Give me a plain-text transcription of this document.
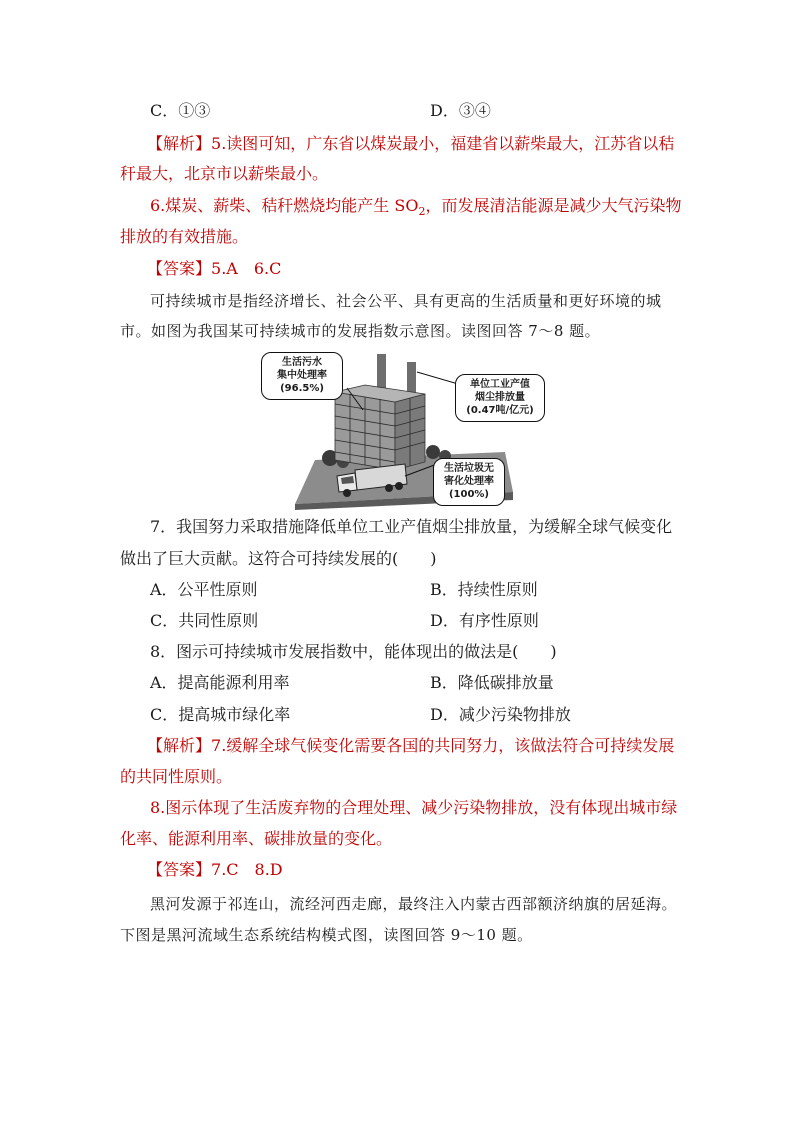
C．①③	D．③④
【解析】5.读图可知，广东省以煤炭最小，福建省以薪柴最大，江苏省以秸
秆最大，北京市以薪柴最小。
6.煤炭、薪柴、秸秆燃烧均能产生 $SO_2$，而发展清洁能源是减少大气污染物
排放的有效措施。
【答案】5.A　6.C
可持续城市是指经济增长、社会公平、具有更高的生活质量和更好环境的城
市。如图为我国某可持续城市的发展指数示意图。读图回答 7～8 题。
生活污水
集中处理率
(96.5%)	单位工业产值
烟尘排放量
(0.47吨/亿元)
生活垃圾无
害化处理率
(100%)
7．我国努力采取措施降低单位工业产值烟尘排放量，为缓解全球气候变化
做出了巨大贡献。这符合可持续发展的(　　)
A．公平性原则	B．持续性原则
C．共同性原则	D．有序性原则
8．图示可持续城市发展指数中，能体现出的做法是(　　)
A．提高能源利用率	B．降低碳排放量
C．提高城市绿化率	D．减少污染物排放
【解析】7.缓解全球气候变化需要各国的共同努力，该做法符合可持续发展
的共同性原则。
8.图示体现了生活废弃物的合理处理、减少污染物排放，没有体现出城市绿
化率、能源利用率、碳排放量的变化。
【答案】7.C　8.D
黑河发源于祁连山，流经河西走廊，最终注入内蒙古西部额济纳旗的居延海。
下图是黑河流域生态系统结构模式图，读图回答 9～10 题。
